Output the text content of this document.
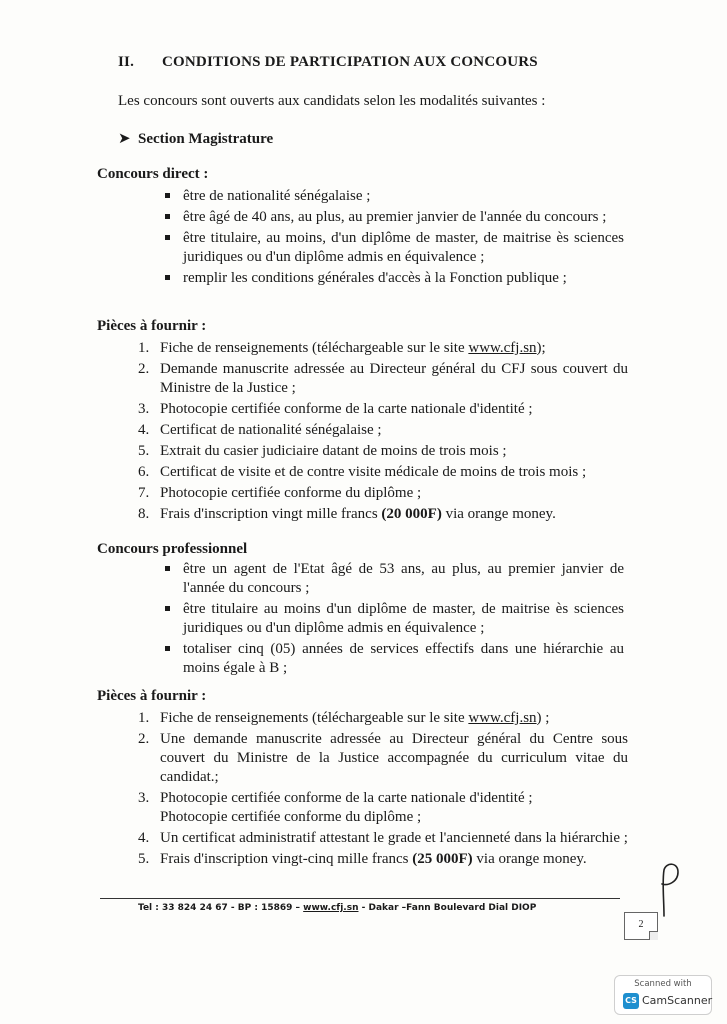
II. CONDITIONS DE PARTICIPATION AUX CONCOURS
Les concours sont ouverts aux candidats selon les modalités suivantes :
➤ Section Magistrature
Concours direct :
être de nationalité sénégalaise ;
être âgé de 40 ans, au plus, au premier janvier de l'année du concours ;
être titulaire, au moins, d'un diplôme de master, de maitrise ès sciences juridiques ou d'un diplôme admis en équivalence ;
remplir les conditions générales d'accès à la Fonction publique ;
Pièces à fournir :
1. Fiche de renseignements (téléchargeable sur le site www.cfj.sn);
2. Demande manuscrite adressée au Directeur général du CFJ sous couvert du Ministre de la Justice ;
3. Photocopie certifiée conforme de la carte nationale d'identité ;
4. Certificat de nationalité sénégalaise ;
5. Extrait du casier judiciaire datant de moins de trois mois ;
6. Certificat de visite et de contre visite médicale de moins de trois mois ;
7. Photocopie certifiée conforme du diplôme ;
8. Frais d'inscription vingt mille francs (20 000F) via orange money.
Concours professionnel
être un agent de l'Etat âgé de 53 ans, au plus, au premier janvier de l'année du concours ;
être titulaire au moins d'un diplôme de master, de maitrise ès sciences juridiques ou d'un diplôme admis en équivalence ;
totaliser cinq (05) années de services effectifs dans une hiérarchie au moins égale à B ;
Pièces à fournir :
1. Fiche de renseignements (téléchargeable sur le site www.cfj.sn) ;
2. Une demande manuscrite adressée au Directeur général du Centre sous couvert du Ministre de la Justice accompagnée du curriculum vitae du candidat.;
3. Photocopie certifiée conforme de la carte nationale d'identité ;
Photocopie certifiée conforme du diplôme ;
4. Un certificat administratif attestant le grade et l'ancienneté dans la hiérarchie ;
5. Frais d'inscription vingt-cinq mille francs (25 000F) via orange money.
Tel : 33 824 24 67 - BP : 15869 – www.cfj.sn - Dakar –Fann Boulevard Dial DIOP
2
Scanned with
CS CamScanner
